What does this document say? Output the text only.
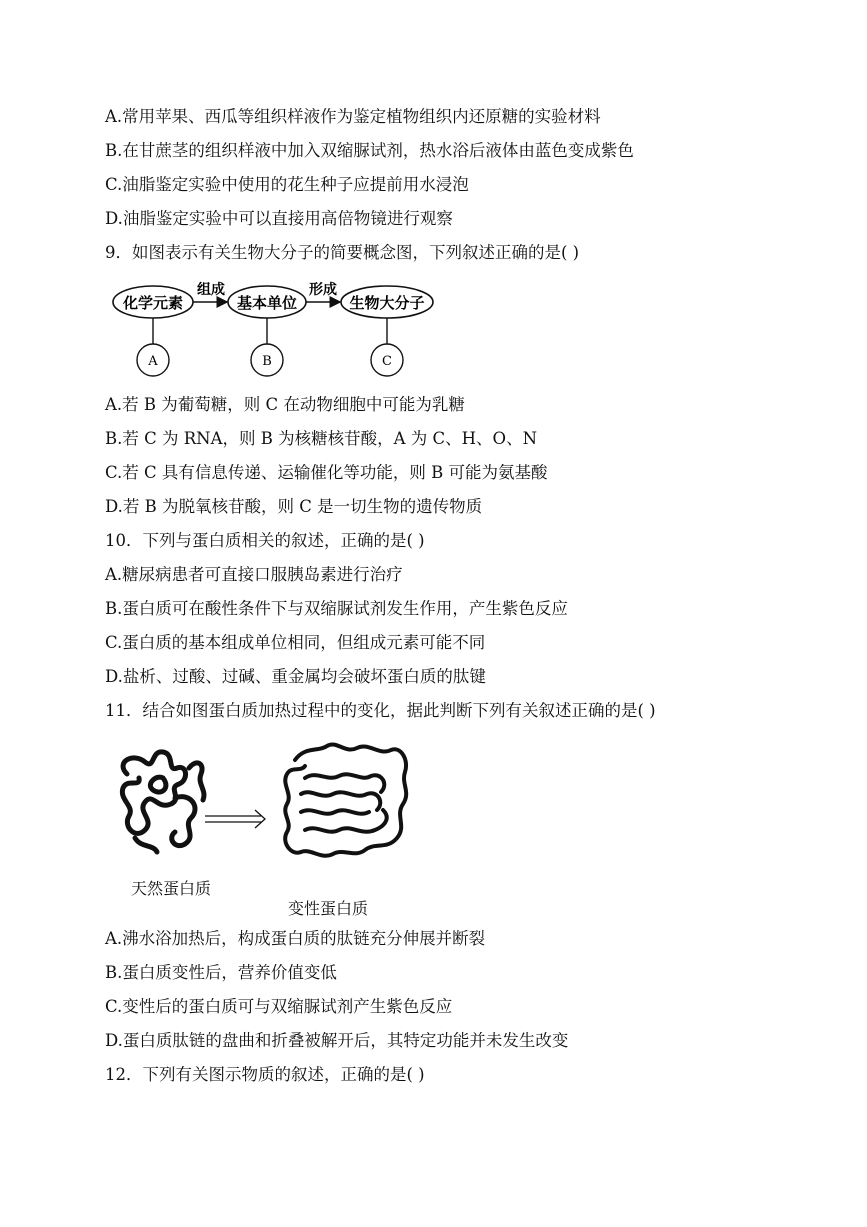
A.常用苹果、西瓜等组织样液作为鉴定植物组织内还原糖的实验材料
B.在甘蔗茎的组织样液中加入双缩脲试剂，热水浴后液体由蓝色变成紫色
C.油脂鉴定实验中使用的花生种子应提前用水浸泡
D.油脂鉴定实验中可以直接用高倍物镜进行观察
9．如图表示有关生物大分子的简要概念图，下列叙述正确的是( )
化学元素	基本单位	生物大分子
组成	形成
A	B	C
A.若 B 为葡萄糖，则 C 在动物细胞中可能为乳糖
B.若 C 为 RNA，则 B 为核糖核苷酸，A 为 C、H、O、N
C.若 C 具有信息传递、运输催化等功能，则 B 可能为氨基酸
D.若 B 为脱氧核苷酸，则 C 是一切生物的遗传物质
10．下列与蛋白质相关的叙述，正确的是( )
A.糖尿病患者可直接口服胰岛素进行治疗
B.蛋白质可在酸性条件下与双缩脲试剂发生作用，产生紫色反应
C.蛋白质的基本组成单位相同，但组成元素可能不同
D.盐析、过酸、过碱、重金属均会破坏蛋白质的肽键
11．结合如图蛋白质加热过程中的变化，据此判断下列有关叙述正确的是( )
天然蛋白质
变性蛋白质
A.沸水浴加热后，构成蛋白质的肽链充分伸展并断裂
B.蛋白质变性后，营养价值变低
C.变性后的蛋白质可与双缩脲试剂产生紫色反应
D.蛋白质肽链的盘曲和折叠被解开后，其特定功能并未发生改变
12．下列有关图示物质的叙述，正确的是( )
